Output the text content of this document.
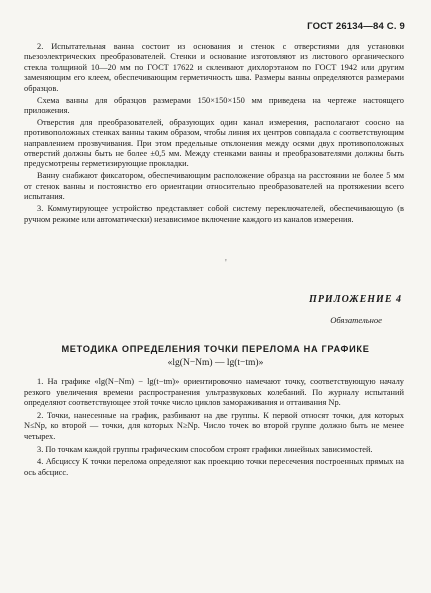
ГОСТ 26134—84 С. 9

2. Испытательная ванна состоит из основания и стенок с отверстиями для установки пьезоэлектрических преобразователей. Стенки и основание изготовляют из листового органического стекла толщиной 10—20 мм по ГОСТ 17622 и склеивают дихлорэтаном по ГОСТ 1942 или другим заменяющим его клеем, обеспечивающим герметичность шва. Размеры ванны определяются размерами образцов.

Схема ванны для образцов размерами 150×150×150 мм приведена на чертеже настоящего приложения.

Отверстия для преобразователей, образующих один канал измерения, располагают соосно на противоположных стенках ванны таким образом, чтобы линия их центров совпадала с соответствующим направлением прозвучивания. При этом предельные отклонения между осями двух противоположных отверстий должны быть не более ±0,5 мм. Между стенками ванны и преобразователями должны быть предусмотрены герметизирующие прокладки.

Ванну снабжают фиксатором, обеспечивающим расположение образца на расстоянии не более 5 мм от стенок ванны и постоянство его ориентации относительно преобразователей на протяжении всего испытания.

3. Коммутирующее устройство представляет собой систему переключателей, обеспечивающую (в ручном режиме или автоматически) независимое включение каждого из каналов измерения.

'
ПРИЛОЖЕНИЕ 4
Обязательное
МЕТОДИКА ОПРЕДЕЛЕНИЯ ТОЧКИ ПЕРЕЛОМА НА ГРАФИКЕ
«lg(N−Nm) — lg(t−tm)»

1. На графике «lg(N−Nm) − lg(t−tm)» ориентировочно намечают точку, соответствующую началу резкого увеличения времени распространения ультразвуковых колебаний. По журналу испытаний определяют соответствующее этой точке число циклов замораживания и оттаивания Np.

2. Точки, нанесенные на график, разбивают на две группы. К первой относят точки, для которых N≤Np, ко второй — точки, для которых N≥Np. Число точек во второй группе должно быть не менее четырех.

3. По точкам каждой группы графическим способом строят графики линейных зависимостей.

4. Абсциссу K точки перелома определяют как проекцию точки пересечения построенных прямых на ось абсцисс.
